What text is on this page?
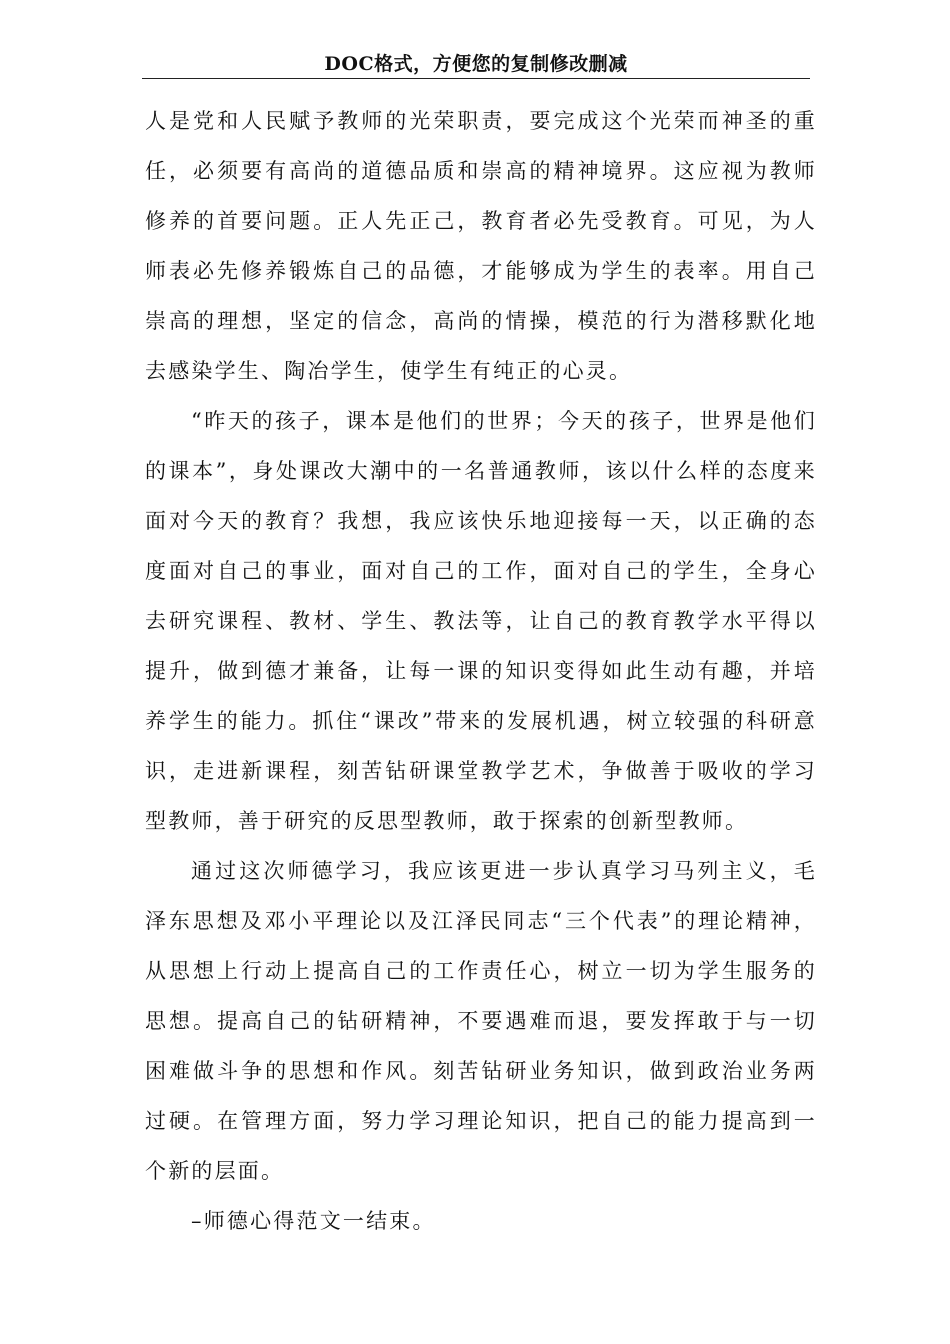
DOC格式，方便您的复制修改删减

人是党和人民赋予教师的光荣职责，要完成这个光荣而神圣的重任，必须要有高尚的道德品质和崇高的精神境界。这应视为教师修养的首要问题。正人先正己，教育者必先受教育。可见，为人师表必先修养锻炼自己的品德，才能够成为学生的表率。用自己崇高的理想，坚定的信念，高尚的情操，模范的行为潜移默化地去感染学生、陶冶学生，使学生有纯正的心灵。

“昨天的孩子，课本是他们的世界；今天的孩子，世界是他们的课本”，身处课改大潮中的一名普通教师，该以什么样的态度来面对今天的教育？我想，我应该快乐地迎接每一天，以正确的态度面对自己的事业，面对自己的工作，面对自己的学生，全身心去研究课程、教材、学生、教法等，让自己的教育教学水平得以提升，做到德才兼备，让每一课的知识变得如此生动有趣，并培养学生的能力。抓住“课改”带来的发展机遇，树立较强的科研意识，走进新课程，刻苦钻研课堂教学艺术，争做善于吸收的学习型教师，善于研究的反思型教师，敢于探索的创新型教师。

通过这次师德学习，我应该更进一步认真学习马列主义，毛泽东思想及邓小平理论以及江泽民同志“三个代表”的理论精神，从思想上行动上提高自己的工作责任心，树立一切为学生服务的思想。提高自己的钻研精神，不要遇难而退，要发挥敢于与一切困难做斗争的思想和作风。刻苦钻研业务知识，做到政治业务两过硬。在管理方面，努力学习理论知识，把自己的能力提高到一个新的层面。

–师德心得范文一结束。
